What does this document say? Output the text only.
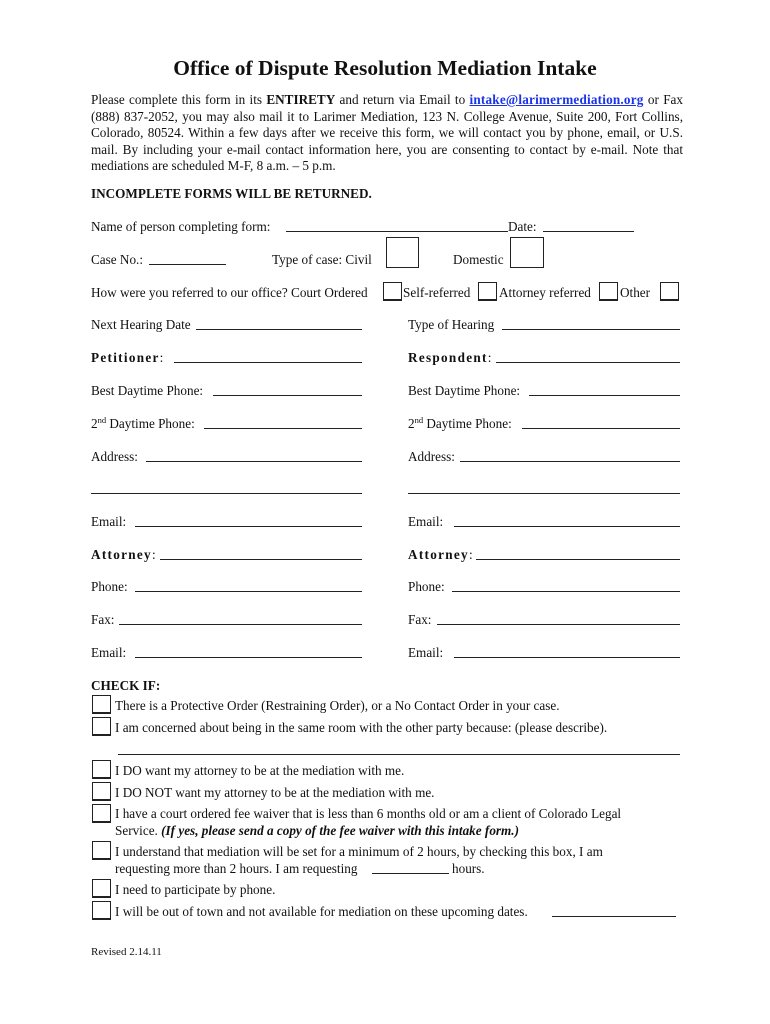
Office of Dispute Resolution Mediation Intake
Please complete this form in its ENTIRETY and return via Email to intake@larimermediation.org or Fax (888) 837-2052, you may also mail it to Larimer Mediation, 123 N. College Avenue, Suite 200, Fort Collins, Colorado, 80524. Within a few days after we receive this form, we will contact you by phone, email, or U.S. mail. By including your e-mail contact information here, you are consenting to contact by e-mail. Note that mediations are scheduled M-F, 8 a.m. – 5 p.m.
INCOMPLETE FORMS WILL BE RETURNED.
Name of person completing form:	Date:
Case No.:	Type of case: Civil	Domestic
How were you referred to our office? Court Ordered	Self-referred Attorney referred Other
Next Hearing Date	Type of Hearing
Petitioner:	Respondent:
Best Daytime Phone:	Best Daytime Phone:
2nd Daytime Phone:	2nd Daytime Phone:
Address:	Address:
Email:	Email:
Attorney:	Attorney:
Phone:	Phone:
Fax:	Fax:
Email:	Email:
CHECK IF:
There is a Protective Order (Restraining Order), or a No Contact Order in your case.
I am concerned about being in the same room with the other party because: (please describe).
I DO want my attorney to be at the mediation with me.
I DO NOT want my attorney to be at the mediation with me.
I have a court ordered fee waiver that is less than 6 months old or am a client of Colorado Legal
Service. (If yes, please send a copy of the fee waiver with this intake form.)
I understand that mediation will be set for a minimum of 2 hours, by checking this box, I am
requesting more than 2 hours. I am requesting	hours.
I need to participate by phone.
I will be out of town and not available for mediation on these upcoming dates.
Revised 2.14.11
